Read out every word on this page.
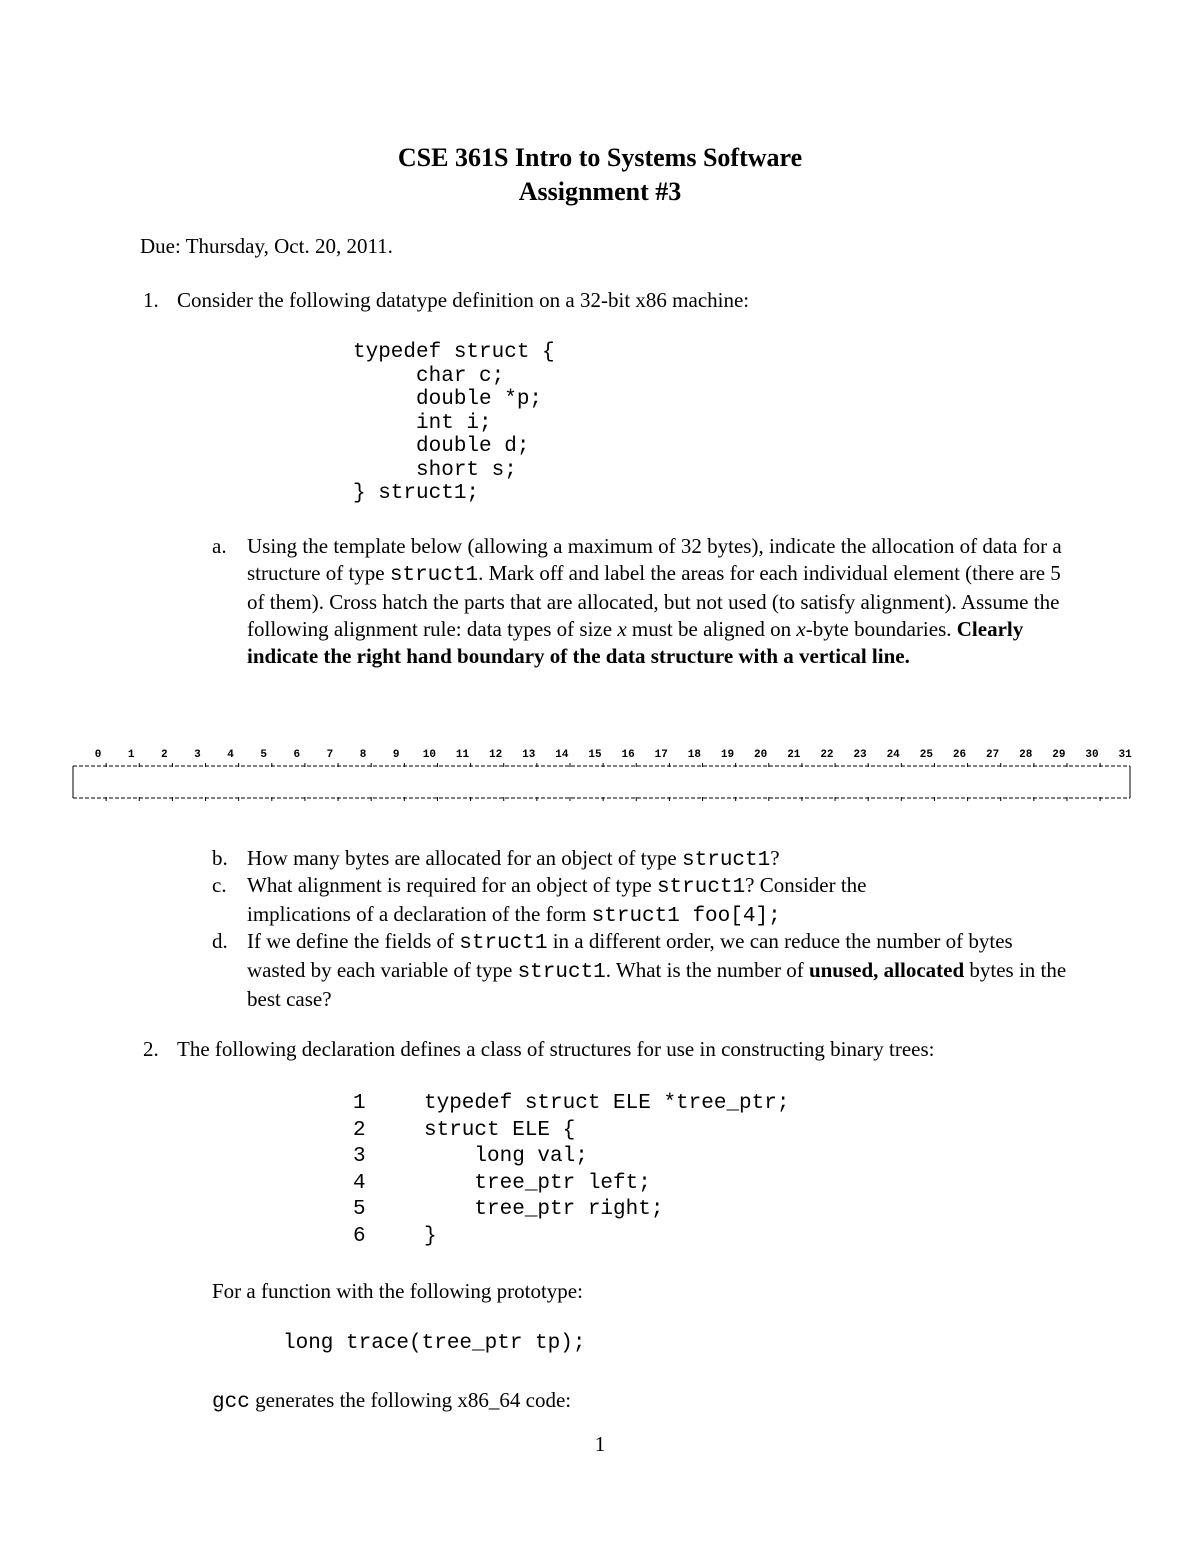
CSE 361S Intro to Systems Software
Assignment #3
Due: Thursday, Oct. 20, 2011.
1. Consider the following datatype definition on a 32-bit x86 machine:
typedef struct {
char c;
double *p;
int i;
double d;
short s;
} struct1;
a. Using the template below (allowing a maximum of 32 bytes), indicate the allocation of data for a structure of type struct1. Mark off and label the areas for each individual element (there are 5 of them). Cross hatch the parts that are allocated, but not used (to satisfy alignment). Assume the following alignment rule: data types of size x must be aligned on x-byte boundaries. Clearly indicate the right hand boundary of the data structure with a vertical line.
0 1 2 3 4 5 6 7 8 9 10 11 12 13 14 15 16 17 18 19 20 21 22 23 24 25 26 27 28 29 30 31
b. How many bytes are allocated for an object of type struct1?
c. What alignment is required for an object of type struct1? Consider the implications of a declaration of the form struct1 foo[4];
d. If we define the fields of struct1 in a different order, we can reduce the number of bytes wasted by each variable of type struct1. What is the number of unused, allocated bytes in the best case?
2. The following declaration defines a class of structures for use in constructing binary trees:
1
2
3
4
5
6
typedef struct ELE *tree_ptr;
struct ELE {
long val;
tree_ptr left;
tree_ptr right;
}
For a function with the following prototype:
long trace(tree_ptr tp);
gcc generates the following x86_64 code:
1
